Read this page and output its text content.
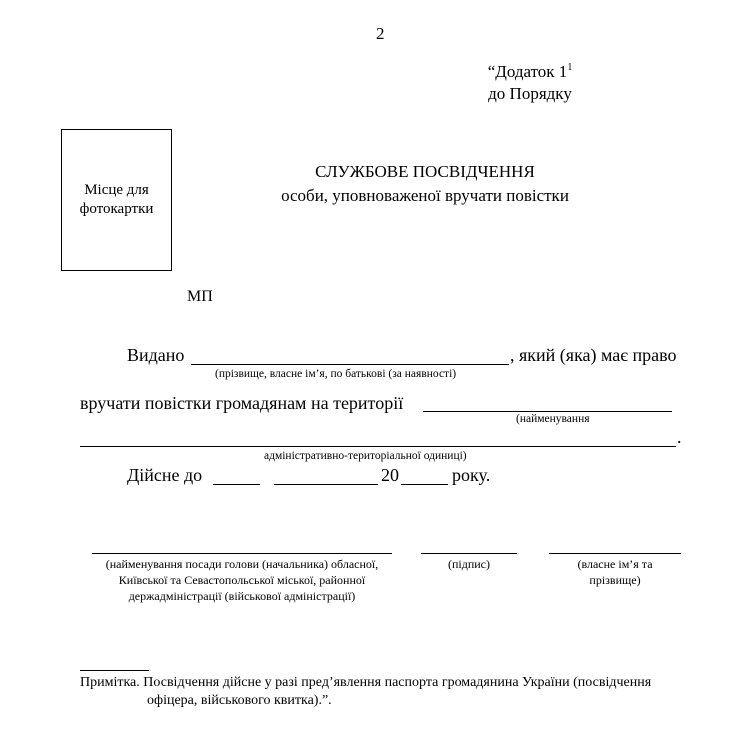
2
“Додаток $1^1$
до Порядку
Місце для
фотокартки
СЛУЖБОВЕ ПОСВІДЧЕННЯ
особи, уповноваженої вручати повістки
МП
Видано	, який (яка) має право
(прізвище, власне ім’я, по батькові (за наявності)
вручати повістки громадянам на території
(найменування
.
адміністративно-територіальної одиниці)
Дійсне до	20	року.
(найменування посади голови (начальника) обласної,
Київської та Севастопольської міської, районної
держадміністрації (військової адміністрації)
(підпис)	(власне ім’я та
прізвище)
Примітка. Посвідчення дійсне у разі пред’явлення паспорта громадянина України (посвідчення
офіцера, військового квитка).”.
